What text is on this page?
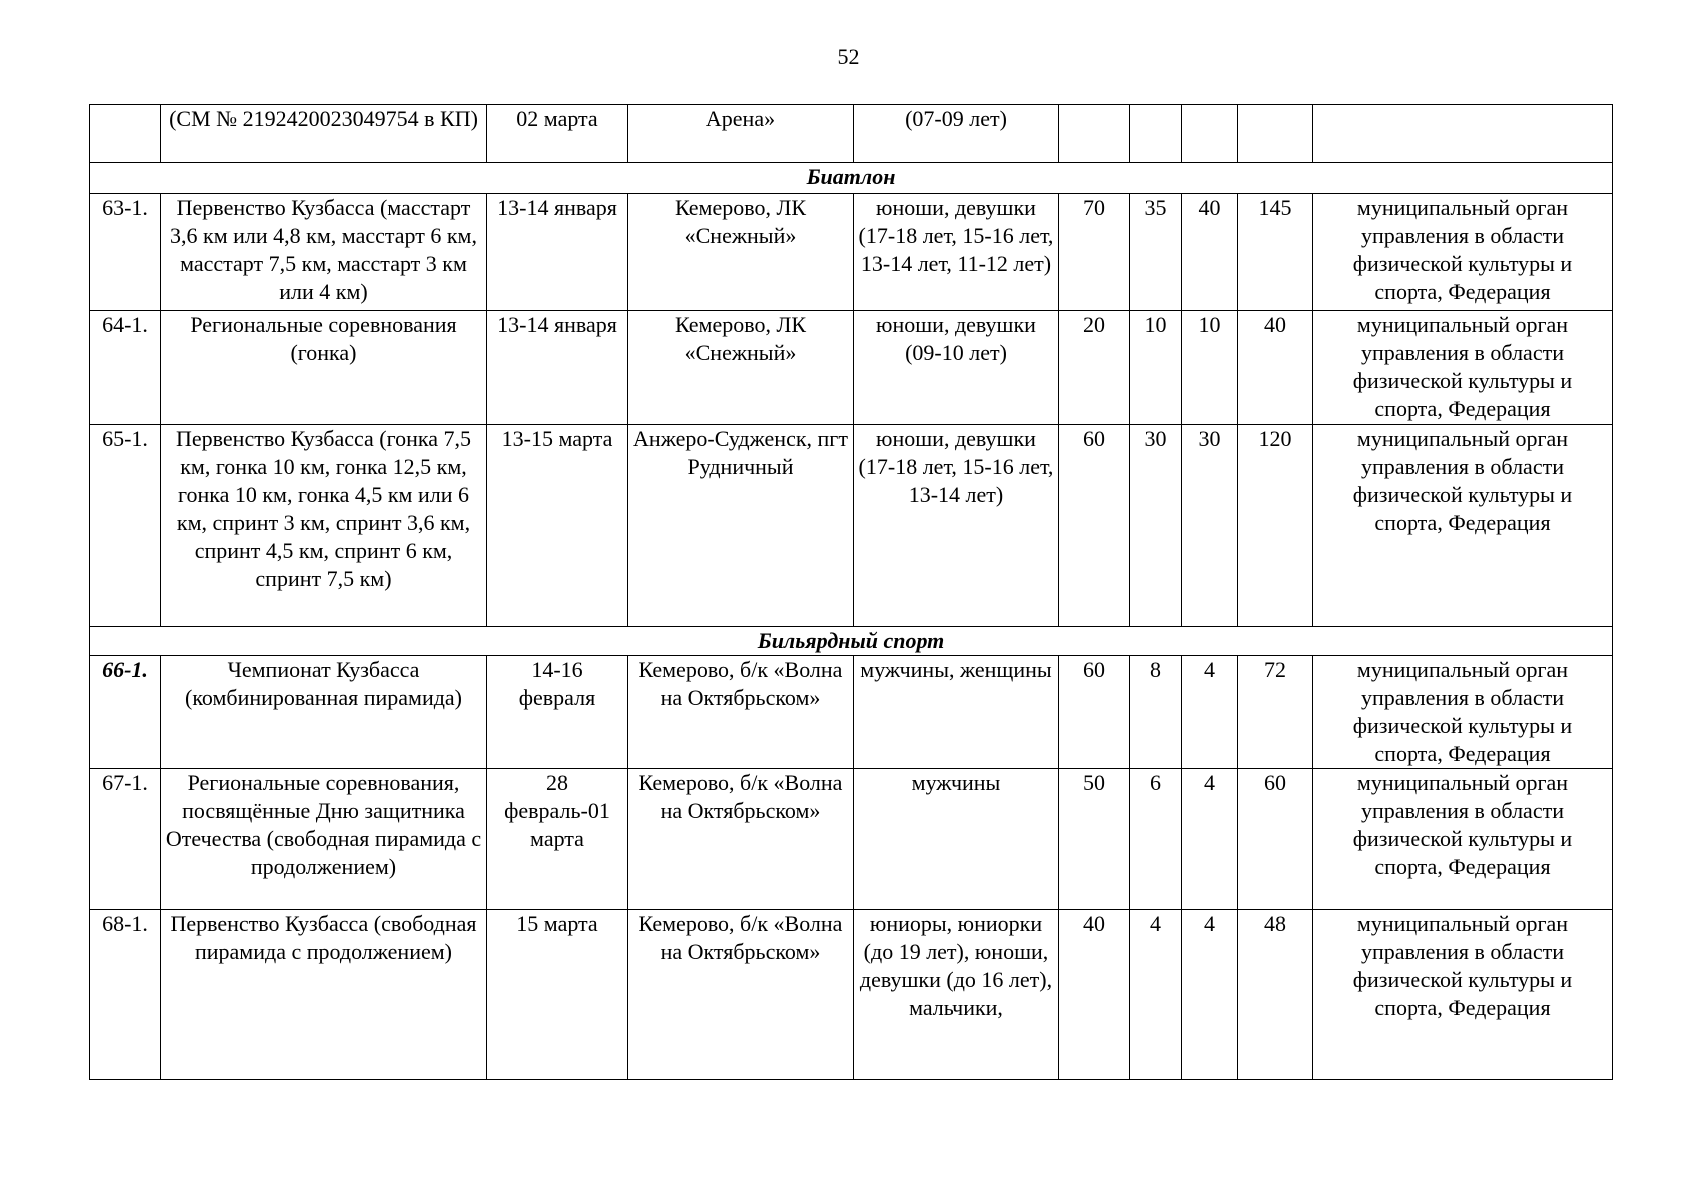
52
	(СМ № 2192420023049754 в КП)	02 марта	Арена»	(07-09 лет)					
Биатлон									
63-1.	Первенство Кузбасса (масстарт 3,6 км или 4,8 км, масстарт 6 км, масстарт 7,5 км, масстарт 3 км или 4 км)	13-14 января	Кемерово, ЛК «Снежный»	юноши, девушки (17-18 лет, 15-16 лет, 13-14 лет, 11-12 лет)	70	35	40	145	муниципальный орган управления в области физической культуры и спорта, Федерация
64-1.	Региональные соревнования (гонка)	13-14 января	Кемерово, ЛК «Снежный»	юноши, девушки (09-10 лет)	20	10	10	40	муниципальный орган управления в области физической культуры и спорта, Федерация
65-1.	Первенство Кузбасса (гонка 7,5 км, гонка 10 км, гонка 12,5 км, гонка 10 км, гонка 4,5 км или 6 км, спринт 3 км, спринт 3,6 км, спринт 4,5 км, спринт 6 км, спринт 7,5 км)	13-15 марта	Анжеро-Судженск, пгт Рудничный	юноши, девушки (17-18 лет, 15-16 лет, 13-14 лет)	60	30	30	120	муниципальный орган управления в области физической культуры и спорта, Федерация
Бильярдный спорт									
66-1.	Чемпионат Кузбасса (комбинированная пирамида)	14-16 февраля	Кемерово, б/к «Волна на Октябрьском»	мужчины, женщины	60	8	4	72	муниципальный орган управления в области физической культуры и спорта, Федерация
67-1.	Региональные соревнования, посвящённые Дню защитника Отечества (свободная пирамида с продолжением)	28 февраль-01 марта	Кемерово, б/к «Волна на Октябрьском»	мужчины	50	6	4	60	муниципальный орган управления в области физической культуры и спорта, Федерация
68-1.	Первенство Кузбасса (свободная пирамида с продолжением)	15 марта	Кемерово, б/к «Волна на Октябрьском»	юниоры, юниорки (до 19 лет), юноши, девушки (до 16 лет), мальчики,	40	4	4	48	муниципальный орган управления в области физической культуры и спорта, Федерация
